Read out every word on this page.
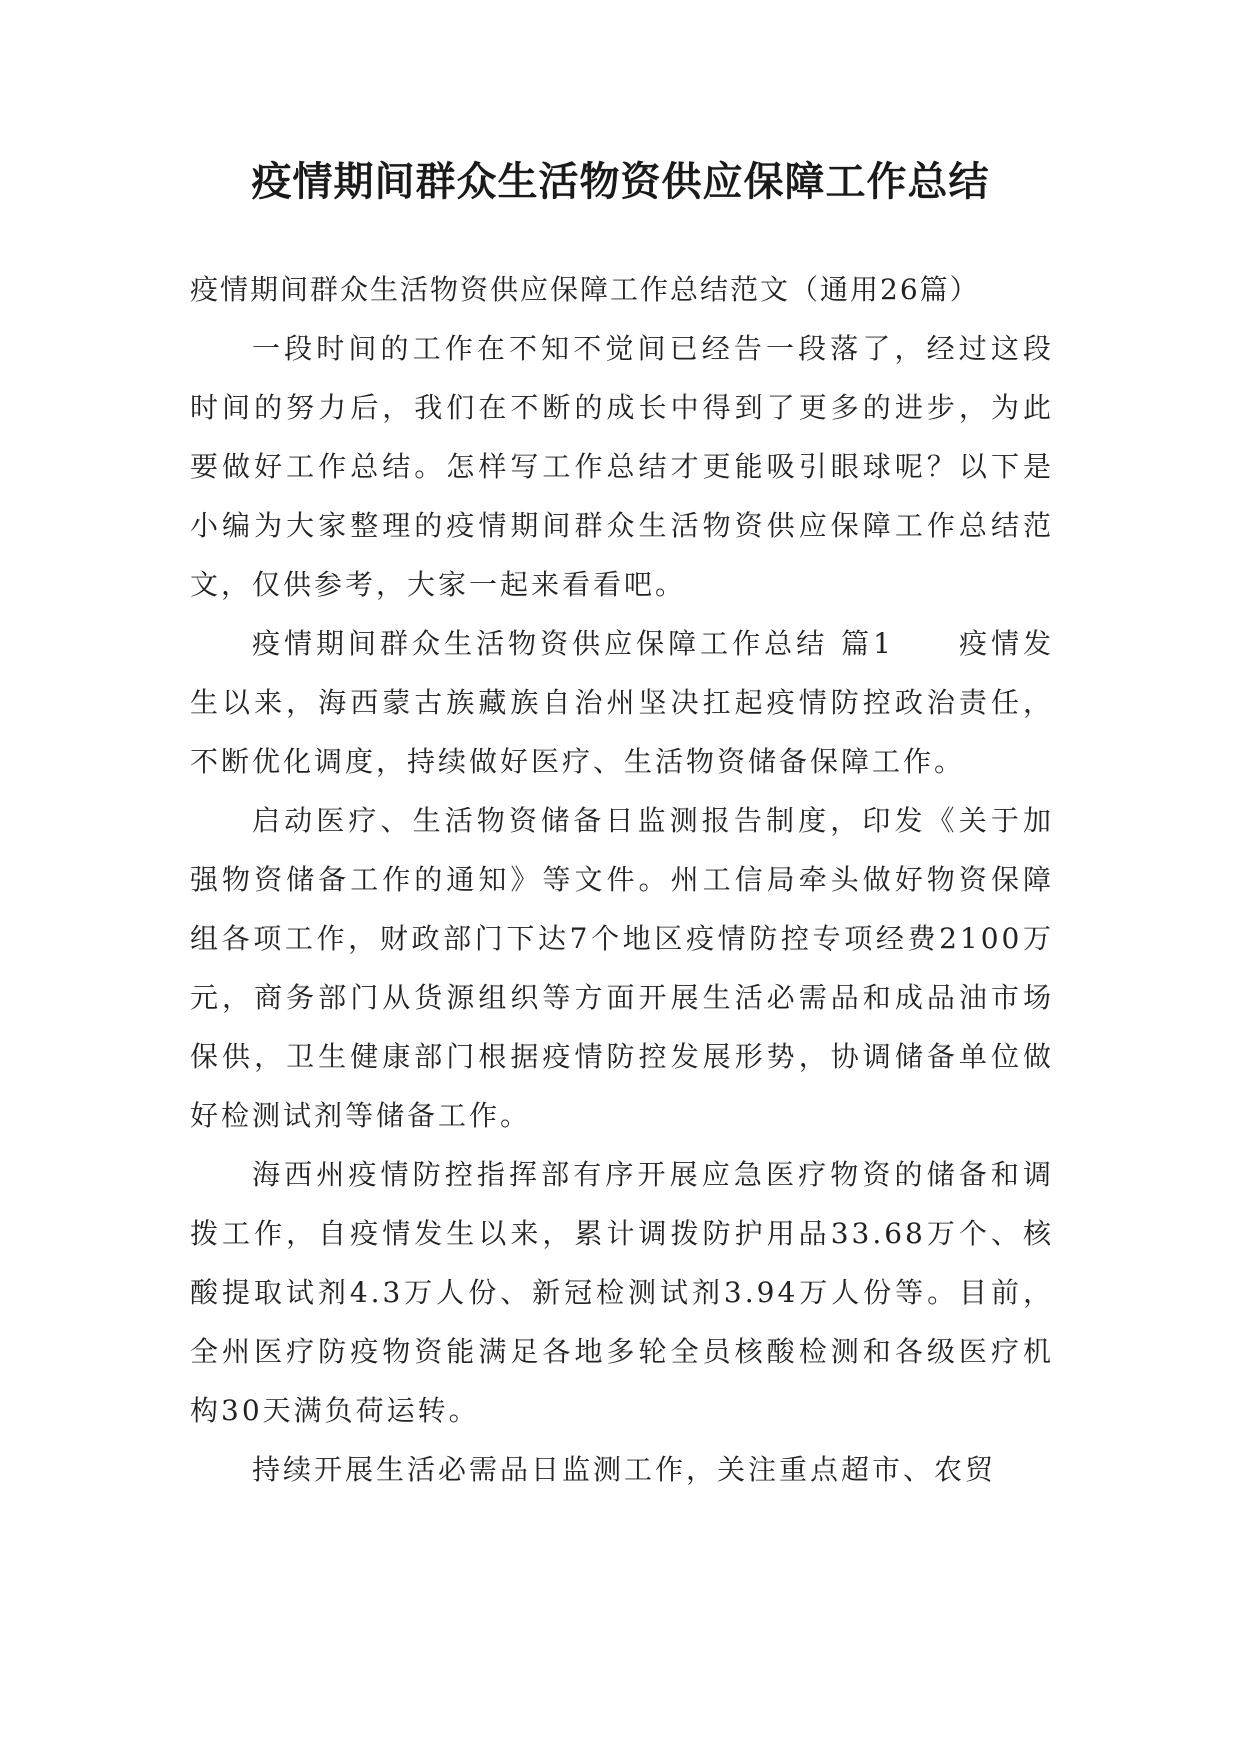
疫情期间群众生活物资供应保障工作总结

疫情期间群众生活物资供应保障工作总结范文（通用26篇）

一段时间的工作在不知不觉间已经告一段落了，经过这段时间的努力后，我们在不断的成长中得到了更多的进步，为此要做好工作总结。怎样写工作总结才更能吸引眼球呢？以下是小编为大家整理的疫情期间群众生活物资供应保障工作总结范文，仅供参考，大家一起来看看吧。

疫情期间群众生活物资供应保障工作总结 篇1　　疫情发生以来，海西蒙古族藏族自治州坚决扛起疫情防控政治责任，不断优化调度，持续做好医疗、生活物资储备保障工作。

启动医疗、生活物资储备日监测报告制度，印发《关于加强物资储备工作的通知》等文件。州工信局牵头做好物资保障组各项工作，财政部门下达7个地区疫情防控专项经费2100万元，商务部门从货源组织等方面开展生活必需品和成品油市场保供，卫生健康部门根据疫情防控发展形势，协调储备单位做好检测试剂等储备工作。

海西州疫情防控指挥部有序开展应急医疗物资的储备和调拨工作，自疫情发生以来，累计调拨防护用品33.68万个、核酸提取试剂4.3万人份、新冠检测试剂3.94万人份等。目前，全州医疗防疫物资能满足各地多轮全员核酸检测和各级医疗机构30天满负荷运转。

持续开展生活必需品日监测工作，关注重点超市、农贸
